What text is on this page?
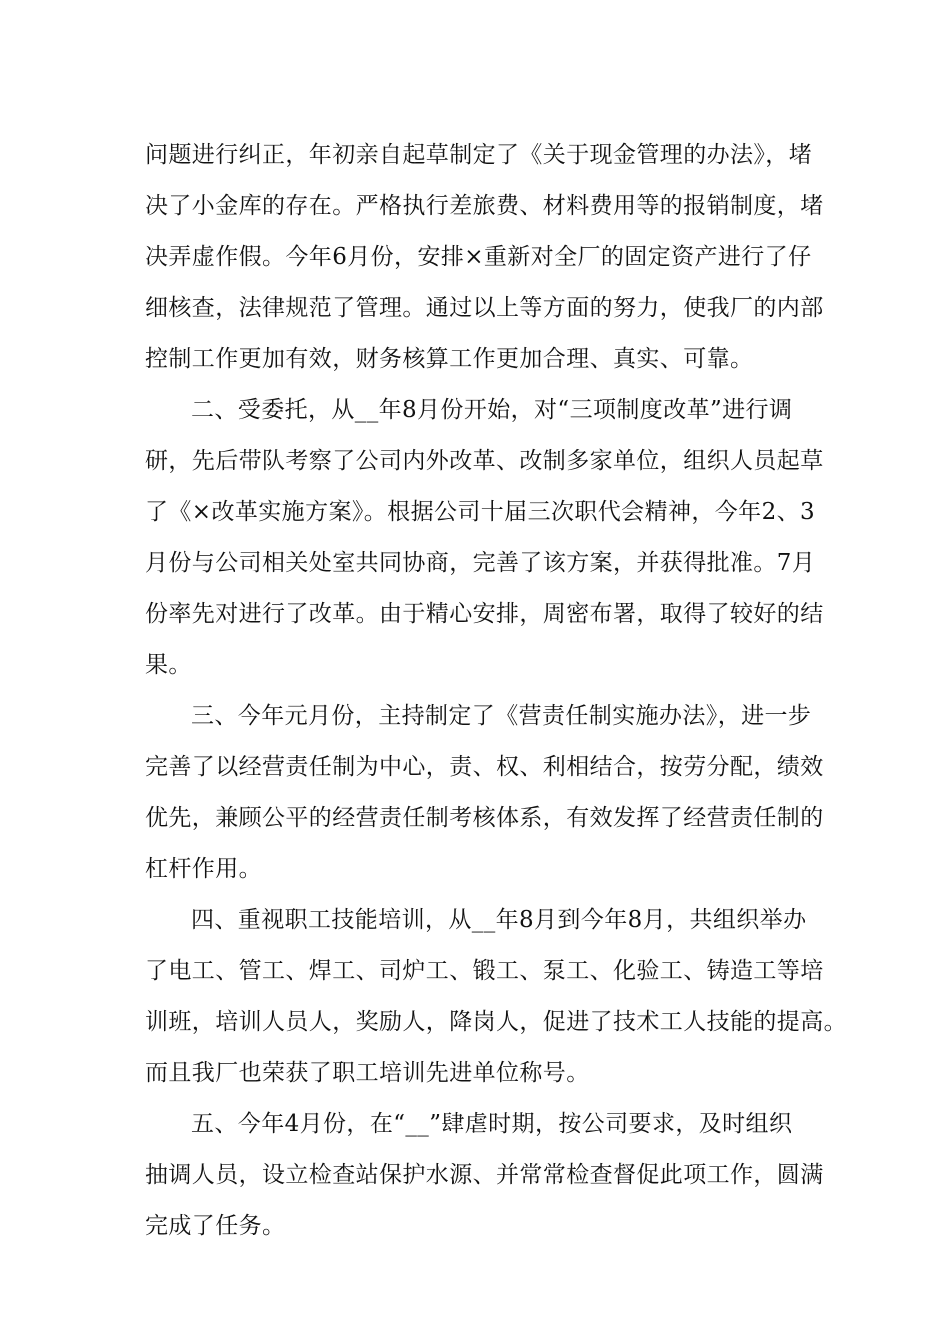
问题进行纠正，年初亲自起草制定了《关于现金管理的办法》，堵
决了小金库的存在。严格执行差旅费、材料费用等的报销制度，堵
决弄虚作假。今年6月份，安排×重新对全厂的固定资产进行了仔
细核查，法律规范了管理。通过以上等方面的努力，使我厂的内部
控制工作更加有效，财务核算工作更加合理、真实、可靠。
二、受委托，从__年8月份开始，对“三项制度改革”进行调
研，先后带队考察了公司内外改革、改制多家单位，组织人员起草
了《×改革实施方案》。根据公司十届三次职代会精神，今年2、3
月份与公司相关处室共同协商，完善了该方案，并获得批准。7月
份率先对进行了改革。由于精心安排，周密布署，取得了较好的结
果。
三、今年元月份，主持制定了《营责任制实施办法》，进一步
完善了以经营责任制为中心，责、权、利相结合，按劳分配，绩效
优先，兼顾公平的经营责任制考核体系，有效发挥了经营责任制的
杠杆作用。
四、重视职工技能培训，从__年8月到今年8月，共组织举办
了电工、管工、焊工、司炉工、锻工、泵工、化验工、铸造工等培
训班，培训人员人，奖励人，降岗人，促进了技术工人技能的提高。
而且我厂也荣获了职工培训先进单位称号。
五、今年4月份，在“__”肆虐时期，按公司要求，及时组织
抽调人员，设立检查站保护水源、并常常检查督促此项工作，圆满
完成了任务。
